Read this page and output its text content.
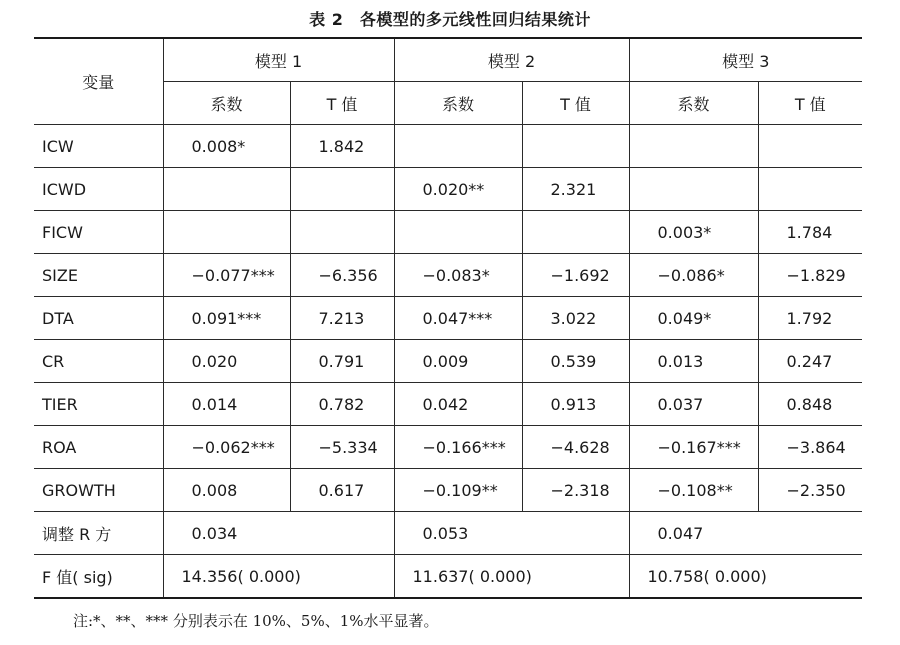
表 2　各模型的多元线性回归结果统计
变量	模型 1		模型 2		模型 3	
	系数	T 值	系数	T 值	系数	T 值
ICW	0.008*	1.842				
ICWD			0.020**	2.321		
FICW					0.003*	1.784
SIZE	−0.077***	−6.356	−0.083*	−1.692	−0.086*	−1.829
DTA	0.091***	7.213	0.047***	3.022	0.049*	1.792
CR	0.020	0.791	0.009	0.539	0.013	0.247
TIER	0.014	0.782	0.042	0.913	0.037	0.848
ROA	−0.062***	−5.334	−0.166***	−4.628	−0.167***	−3.864
GROWTH	0.008	0.617	−0.109**	−2.318	−0.108**	−2.350
调整 R 方	0.034		0.053		0.047	
F 值( sig)	14.356( 0.000)		11.637( 0.000)		10.758( 0.000)	
注:*、**、*** 分别表示在 10%、5%、1%水平显著。
